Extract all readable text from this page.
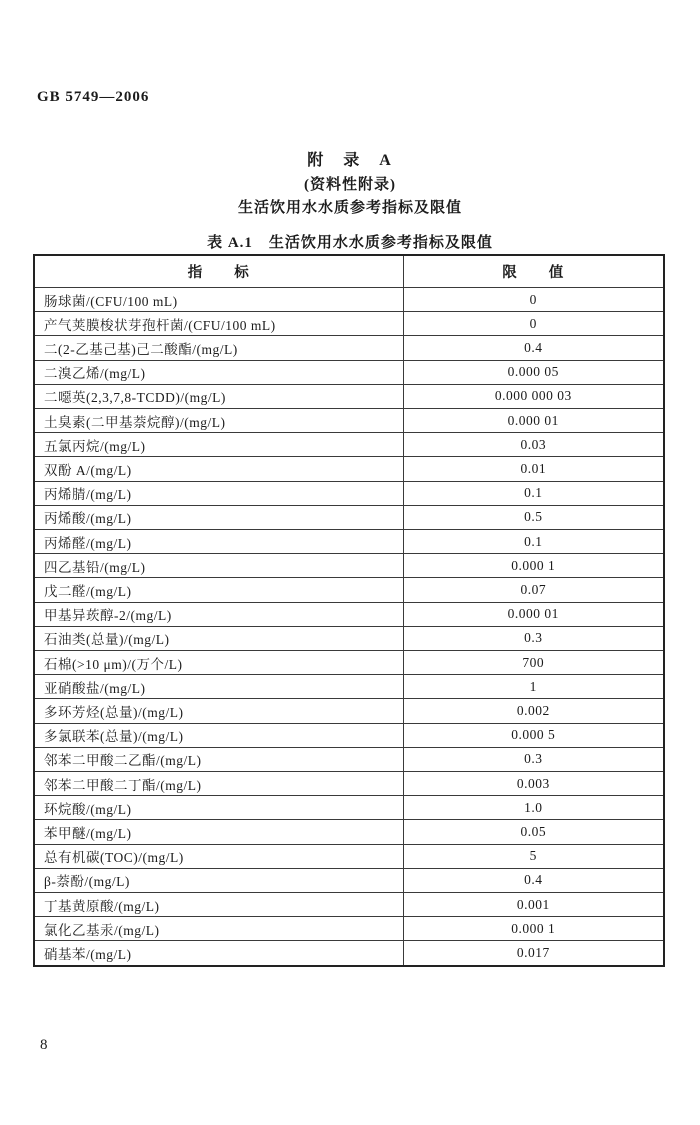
GB 5749—2006
附　录　A
(资料性附录)
生活饮用水水质参考指标及限值
表 A.1　生活饮用水水质参考指标及限值
指　　标	限　　值
肠球菌/(CFU/100 mL)	0
产气荚膜梭状芽孢杆菌/(CFU/100 mL)	0
二(2-乙基己基)己二酸酯/(mg/L)	0.4
二溴乙烯/(mg/L)	0.000 05
二噁英(2,3,7,8-TCDD)/(mg/L)	0.000 000 03
土臭素(二甲基萘烷醇)/(mg/L)	0.000 01
五氯丙烷/(mg/L)	0.03
双酚 A/(mg/L)	0.01
丙烯腈/(mg/L)	0.1
丙烯酸/(mg/L)	0.5
丙烯醛/(mg/L)	0.1
四乙基铅/(mg/L)	0.000 1
戊二醛/(mg/L)	0.07
甲基异莰醇-2/(mg/L)	0.000 01
石油类(总量)/(mg/L)	0.3
石棉(>10 μm)/(万个/L)	700
亚硝酸盐/(mg/L)	1
多环芳烃(总量)/(mg/L)	0.002
多氯联苯(总量)/(mg/L)	0.000 5
邻苯二甲酸二乙酯/(mg/L)	0.3
邻苯二甲酸二丁酯/(mg/L)	0.003
环烷酸/(mg/L)	1.0
苯甲醚/(mg/L)	0.05
总有机碳(TOC)/(mg/L)	5
β-萘酚/(mg/L)	0.4
丁基黄原酸/(mg/L)	0.001
氯化乙基汞/(mg/L)	0.000 1
硝基苯/(mg/L)	0.017
8
